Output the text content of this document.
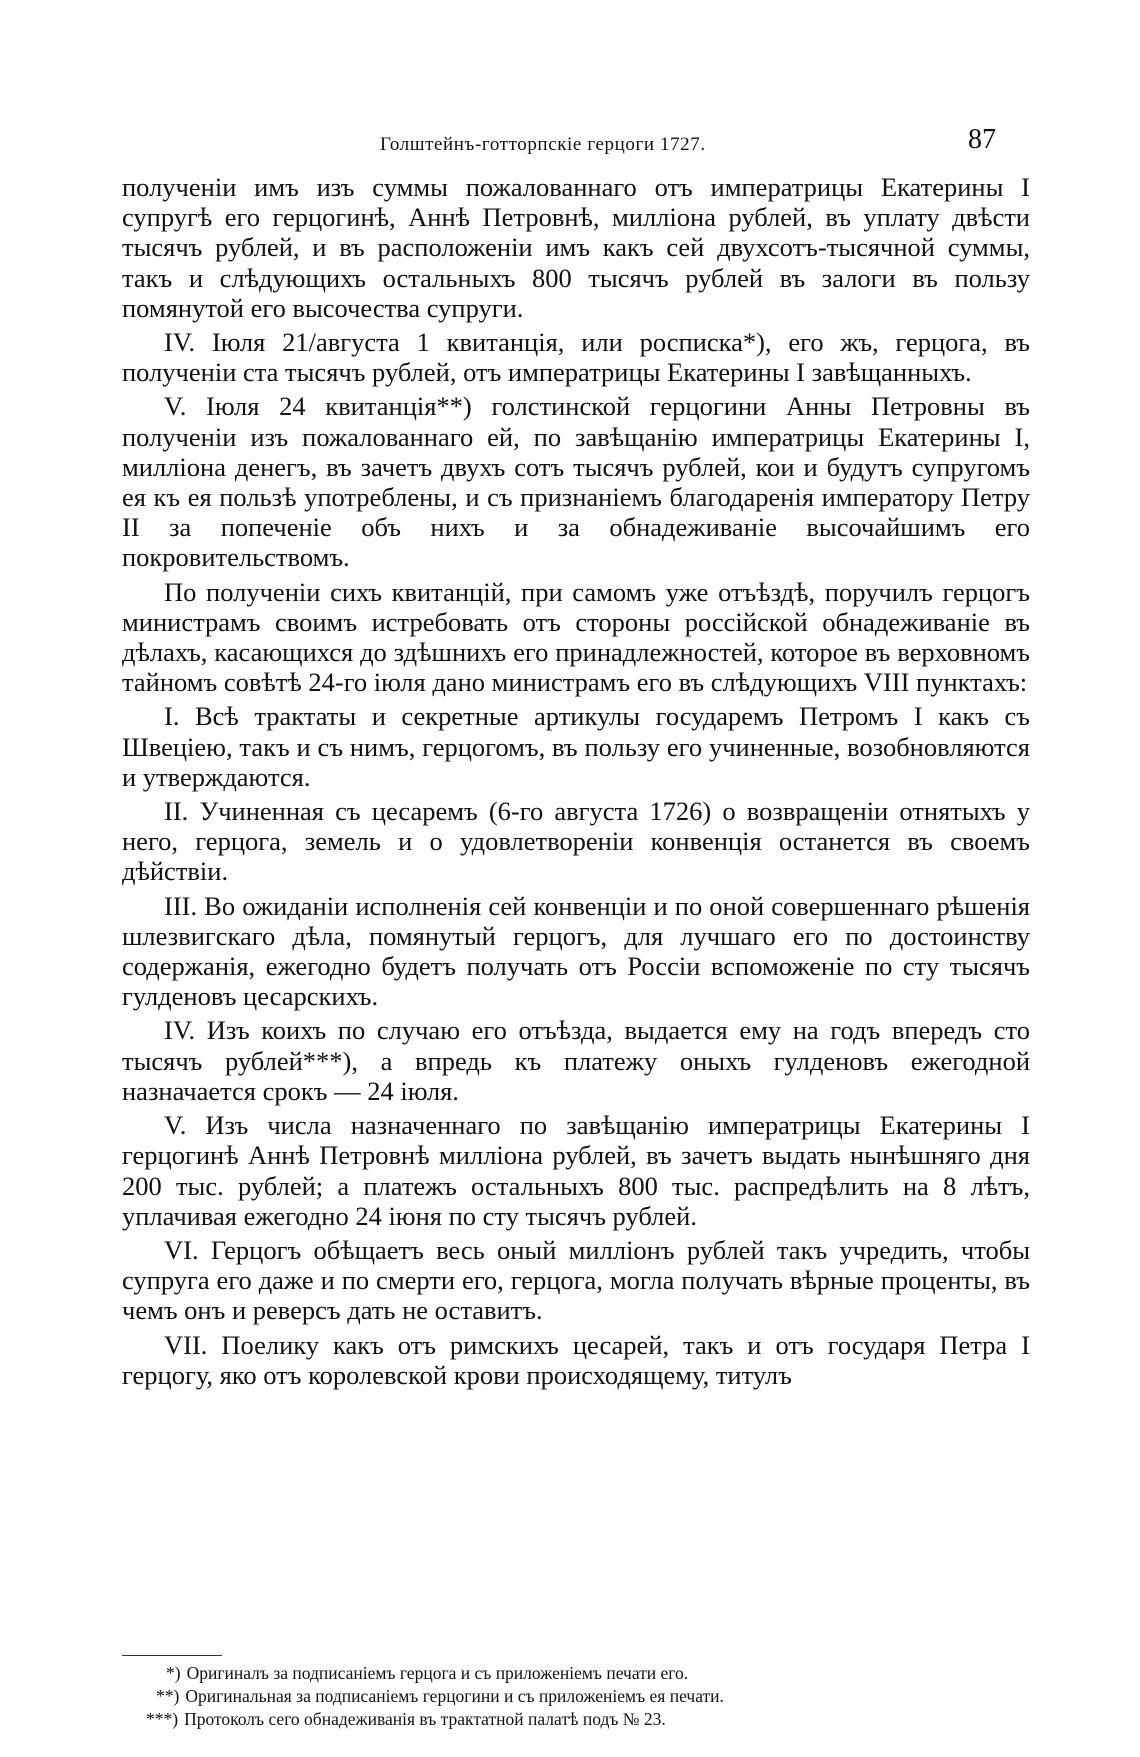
Голштейнъ-готторпскіе герцоги 1727.	87

полученіи имъ изъ суммы пожалованнаго отъ императрицы Екатерины I супругѣ его герцогинѣ, Аннѣ Петровнѣ, милліона рублей, въ уплату двѣсти тысячъ рублей, и въ расположеніи имъ какъ сей двухсотъ-тысячной суммы, такъ и слѣдующихъ остальныхъ 800 тысячъ рублей въ залоги въ пользу помянутой его высочества супруги.

IV. Іюля 21/августа 1 квитанція, или росписка*), его жъ, герцога, въ полученіи ста тысячъ рублей, отъ императрицы Екатерины I завѣщанныхъ.

V. Іюля 24 квитанція**) голстинской герцогини Анны Петровны въ полученіи изъ пожалованнаго ей, по завѣщанію императрицы Екатерины I, милліона денегъ, въ зачетъ двухъ сотъ тысячъ рублей, кои и будутъ супругомъ ея къ ея пользѣ употреблены, и съ признаніемъ благодаренія императору Петру II за попеченіе объ нихъ и за обнадеживаніе высочайшимъ его покровительствомъ.

По полученіи сихъ квитанцій, при самомъ уже отъѣздѣ, поручилъ герцогъ министрамъ своимъ истребовать отъ стороны россійской обнадеживаніе въ дѣлахъ, касающихся до здѣшнихъ его принадлежностей, которое въ верховномъ тайномъ совѣтѣ 24-го іюля дано министрамъ его въ слѣдующихъ VIII пунктахъ:

I. Всѣ трактаты и секретные артикулы государемъ Петромъ I какъ съ Швеціею, такъ и съ нимъ, герцогомъ, въ пользу его учиненные, возобновляются и утверждаются.

II. Учиненная съ цесаремъ (6-го августа 1726) о возвращеніи отнятыхъ у него, герцога, земель и о удовлетвореніи конвенція останется въ своемъ дѣйствіи.

III. Во ожиданіи исполненія сей конвенціи и по оной совершеннаго рѣшенія шлезвигскаго дѣла, помянутый герцогъ, для лучшаго его по достоинству содержанія, ежегодно будетъ получать отъ Россіи вспоможеніе по сту тысячъ гулденовъ цесарскихъ.

IV. Изъ коихъ по случаю его отъѣзда, выдается ему на годъ впередъ сто тысячъ рублей***), а впредь къ платежу оныхъ гулденовъ ежегодной назначается срокъ — 24 іюля.

V. Изъ числа назначеннаго по завѣщанію императрицы Екатерины I герцогинѣ Аннѣ Петровнѣ милліона рублей, въ зачетъ выдать нынѣшняго дня 200 тыс. рублей; а платежъ остальныхъ 800 тыс. распредѣлить на 8 лѣтъ, уплачивая ежегодно 24 іюня по сту тысячъ рублей.

VI. Герцогъ обѣщаетъ весь оный милліонъ рублей такъ учредить, чтобы супруга его даже и по смерти его, герцога, могла получать вѣрные проценты, въ чемъ онъ и реверсъ дать не оставитъ.

VII. Поелику какъ отъ римскихъ цесарей, такъ и отъ государя Петра I герцогу, яко отъ королевской крови происходящему, титулъ

*) Оригиналъ за подписаніемъ герцога и съ приложеніемъ печати его.

**) Оригинальная за подписаніемъ герцогини и съ приложеніемъ ея печати.

***) Протоколъ сего обнадеживанія въ трактатной палатѣ подъ № 23.
